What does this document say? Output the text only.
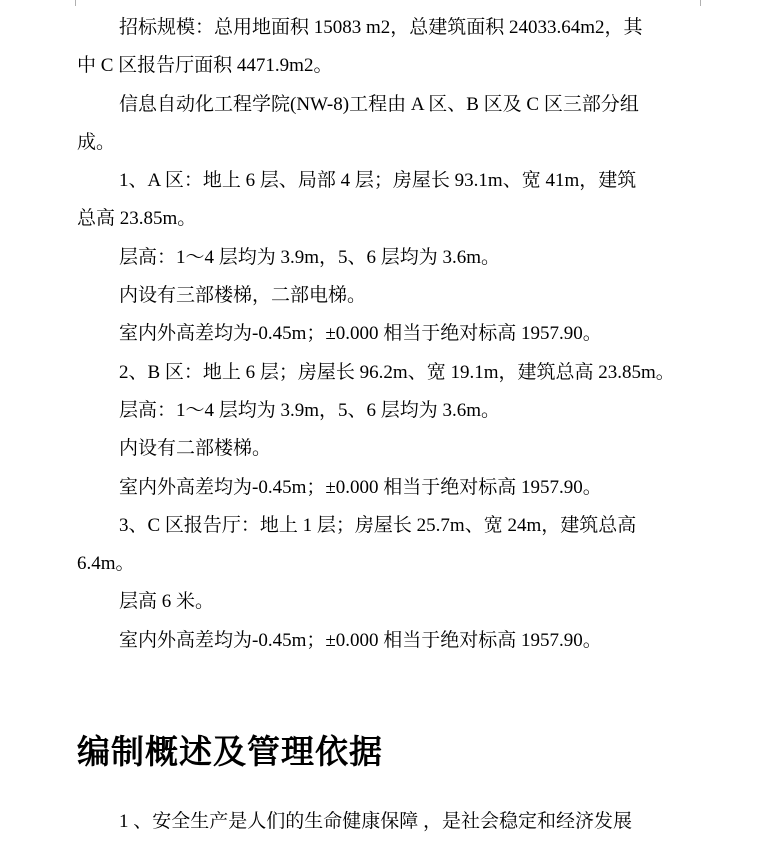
招标规模：总用地面积 15083 m2，总建筑面积 24033.64m2，其

中 C 区报告厅面积 4471.9m2。

信息自动化工程学院(NW-8)工程由 A 区、B 区及 C 区三部分组

成。

1、A 区：地上 6 层、局部 4 层；房屋长 93.1m、宽 41m，建筑

总高 23.85m。

层高：1～4 层均为 3.9m，5、6 层均为 3.6m。

内设有三部楼梯，二部电梯。

室内外高差均为-0.45m；±0.000 相当于绝对标高 1957.90。

2、B 区：地上 6 层；房屋长 96.2m、宽 19.1m，建筑总高 23.85m。

层高：1～4 层均为 3.9m，5、6 层均为 3.6m。

内设有二部楼梯。

室内外高差均为-0.45m；±0.000 相当于绝对标高 1957.90。

3、C 区报告厅：地上 1 层；房屋长 25.7m、宽 24m，建筑总高

6.4m。

层高 6 米。

室内外高差均为-0.45m；±0.000 相当于绝对标高 1957.90。

编制概述及管理依据

1 、安全生产是人们的生命健康保障 ，是社会稳定和经济发展
